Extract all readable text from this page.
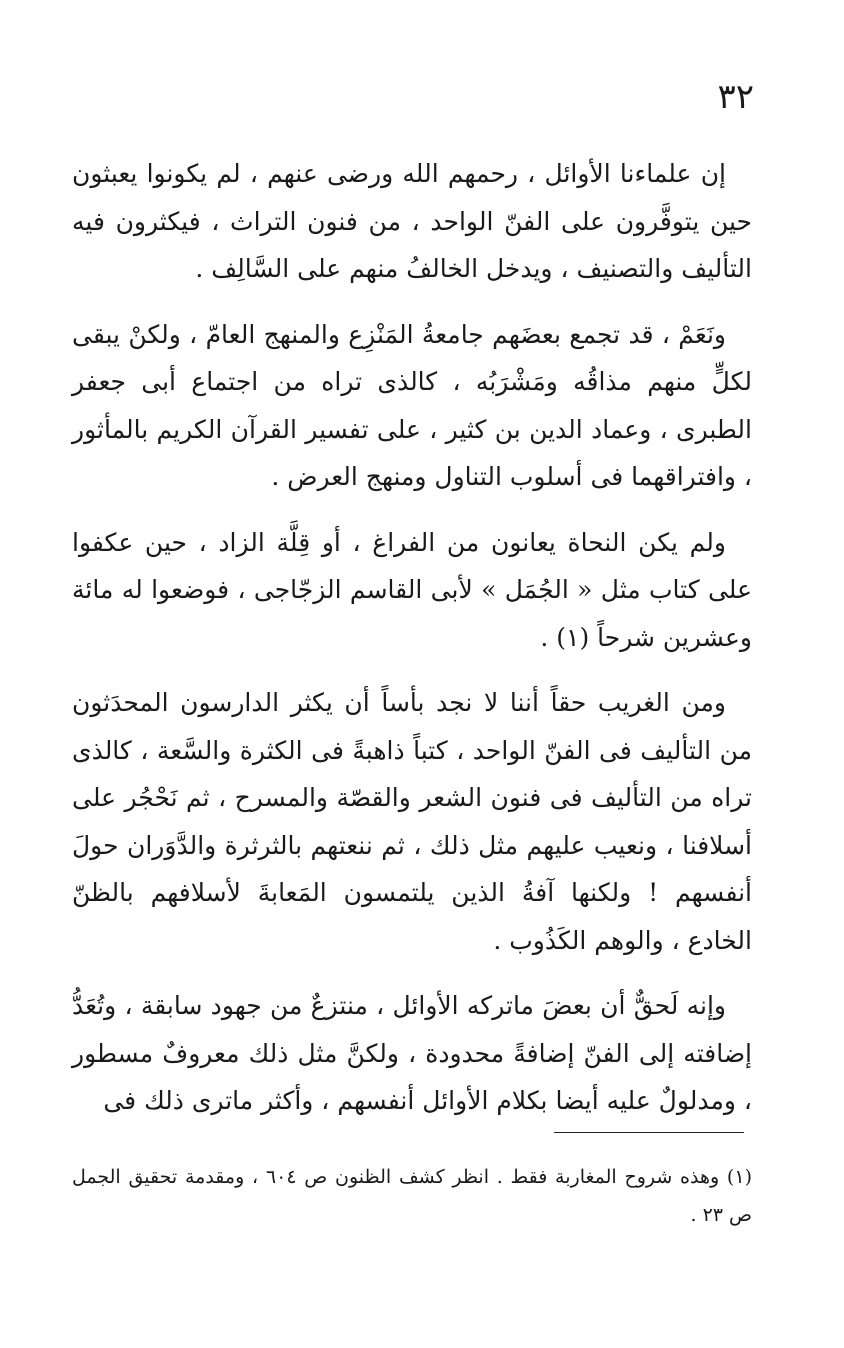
٣٢

إن علماءنا الأوائل ، رحمهم الله ورضى عنهم ، لم يكونوا يعبثون حين يتوفَّرون على الفنّ الواحد ، من فنون التراث ، فيكثرون فيه التأليف والتصنيف ، ويدخل الخالفُ منهم على السَّالِف .

ونَعَمْ ، قد تجمع بعضَهم جامعةُ المَنْزِع والمنهج العامّ ، ولكنْ يبقى لكلٍّ منهم مذاقُه ومَشْرَبُه ، كالذى تراه من اجتماع أبى جعفر الطبرى ، وعماد الدين بن كثير ، على تفسير القرآن الكريم بالمأثور ، وافتراقهما فى أسلوب التناول ومنهج العرض .

ولم يكن النحاة يعانون من الفراغ ، أو قِلَّة الزاد ، حين عكفوا على كتاب مثل « الجُمَل » لأبى القاسم الزجّاجى ، فوضعوا له مائة وعشرين شرحاً (١) .

ومن الغريب حقاً أننا لا نجد بأساً أن يكثر الدارسون المحدَثون من التأليف فى الفنّ الواحد ، كتباً ذاهبةً فى الكثرة والسَّعة ، كالذى تراه من التأليف فى فنون الشعر والقصّة والمسرح ، ثم نَحْجُر على أسلافنا ، ونعيب عليهم مثل ذلك ، ثم ننعتهم بالثرثرة والدَّوَران حولَ أنفسهم ! ولكنها آفةُ الذين يلتمسون المَعابةَ لأسلافهم بالظنّ الخادع ، والوهم الكَذُوب .

وإنه لَحقٌّ أن بعضَ ماتركه الأوائل ، منتزعٌ من جهود سابقة ، وتُعَدُّ إضافته إلى الفنّ إضافةً محدودة ، ولكنَّ مثل ذلك معروفٌ مسطور ، ومدلولٌ عليه أيضا بكلام الأوائل أنفسهم ، وأكثر ماترى ذلك فى

(١) وهذه شروح المغاربة فقط . انظر كشف الظنون ص ٦٠٤ ، ومقدمة تحقيق الجمل ص ٢٣ .
